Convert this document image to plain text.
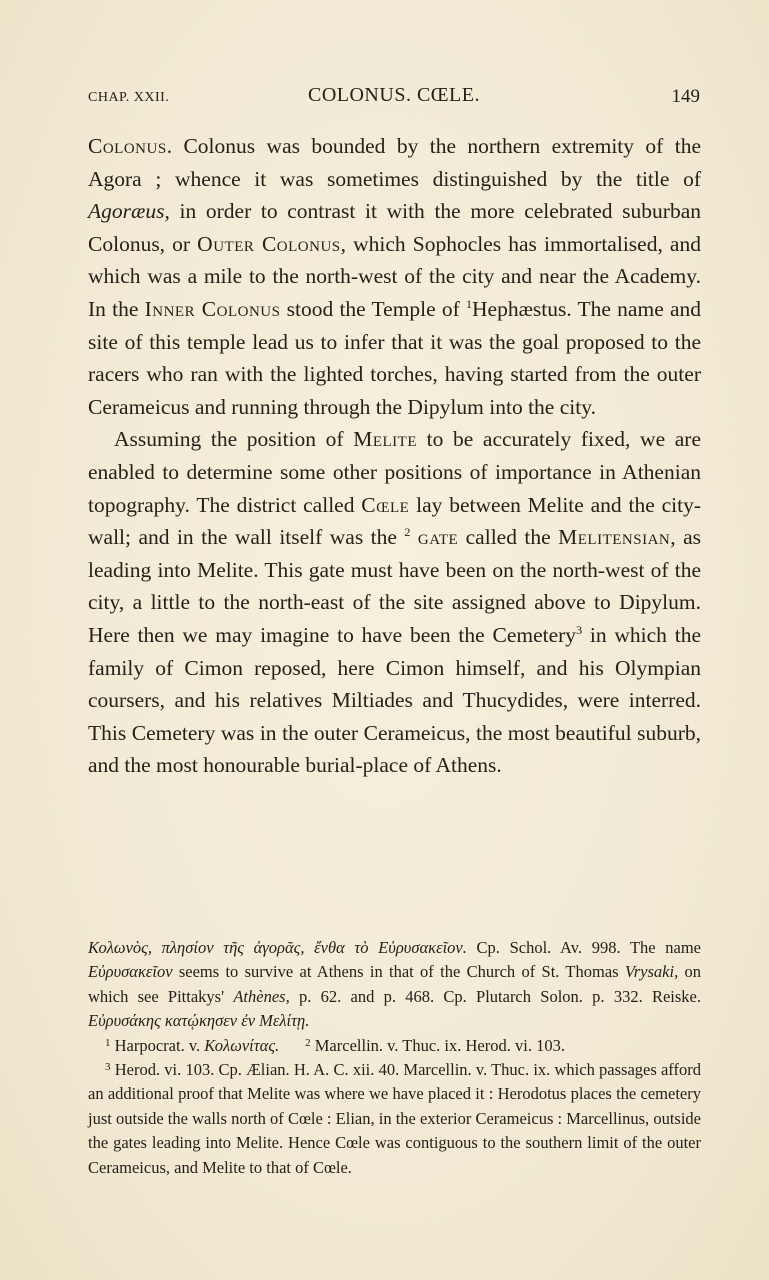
CHAP. XXII.	COLONUS. CŒLE.	149

Colonus. Colonus was bounded by the northern extremity of the Agora ; whence it was sometimes distinguished by the title of Agoræus, in order to contrast it with the more celebrated suburban Colonus, or Outer Colonus, which Sophocles has immortalised, and which was a mile to the north-west of the city and near the Academy. In the Inner Colonus stood the Temple of $^1$Hephæstus. The name and site of this temple lead us to infer that it was the goal proposed to the racers who ran with the lighted torches, having started from the outer Cerameicus and running through the Dipylum into the city.

Assuming the position of Melite to be accurately fixed, we are enabled to determine some other positions of importance in Athenian topography. The district called Cœle lay between Melite and the city-wall; and in the wall itself was the $^2$ gate called the Melitensian, as leading into Melite. This gate must have been on the north-west of the city, a little to the north-east of the site assigned above to Dipylum. Here then we may imagine to have been the Cemetery$^3$ in which the family of Cimon reposed, here Cimon himself, and his Olympian coursers, and his relatives Miltiades and Thucydides, were interred. This Cemetery was in the outer Cerameicus, the most beautiful suburb, and the most honourable burial-place of Athens.

Κολωνὸς, πλησίον τῆς ἀγορᾶς, ἔνθα τὸ Εὐρυσακεῖον. Cp. Schol. Av. 998. The name Εὐρυσακεῖον seems to survive at Athens in that of the Church of St. Thomas Vrysaki, on which see Pittakys' Athènes, p. 62. and p. 468. Cp. Plutarch Solon. p. 332. Reiske. Εὐρυσάκης κατῴκησεν ἐν Μελίτῃ.

$^1$ Harpocrat. v. Κολωνίτας. $^2$ Marcellin. v. Thuc. ix. Herod. vi. 103.

$^3$ Herod. vi. 103. Cp. Ælian. H. A. C. xii. 40. Marcellin. v. Thuc. ix. which passages afford an additional proof that Melite was where we have placed it : Herodotus places the cemetery just outside the walls north of Cœle : Elian, in the exterior Cerameicus : Marcellinus, outside the gates leading into Melite. Hence Cœle was contiguous to the southern limit of the outer Cerameicus, and Melite to that of Cœle.
